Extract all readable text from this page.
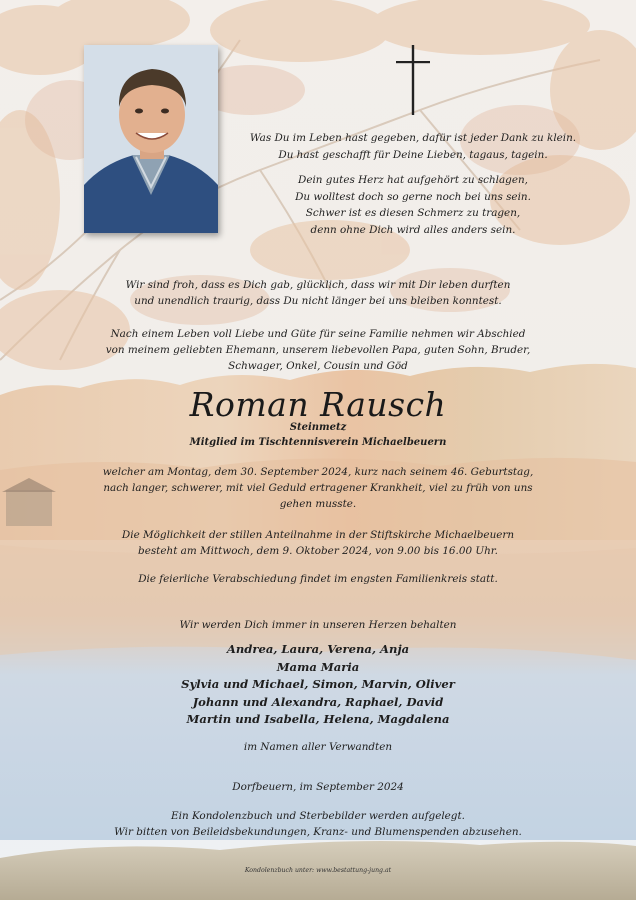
Was Du im Leben hast gegeben, dafür ist jeder Dank zu klein.

Du hast geschafft für Deine Lieben, tagaus, tagein.

Dein gutes Herz hat aufgehört zu schlagen,

Du wolltest doch so gerne noch bei uns sein.

Schwer ist es diesen Schmerz zu tragen,

denn ohne Dich wird alles anders sein.

Wir sind froh, dass es Dich gab, glücklich, dass wir mit Dir leben durften

und unendlich traurig, dass Du nicht länger bei uns bleiben konntest.

Nach einem Leben voll Liebe und Güte für seine Familie nehmen wir Abschied

von meinem geliebten Ehemann, unserem liebevollen Papa, guten Sohn, Bruder,

Schwager, Onkel, Cousin und Göd

Roman Rausch
Steinmetz
Mitglied im Tischtennisverein Michaelbeuern

welcher am Montag, dem 30. September 2024, kurz nach seinem 46. Geburtstag,

nach langer, schwerer, mit viel Geduld ertragener Krankheit, viel zu früh von uns

gehen musste.

Die Möglichkeit der stillen Anteilnahme in der Stiftskirche Michaelbeuern

besteht am Mittwoch, dem 9. Oktober 2024, von 9.00 bis 16.00 Uhr.

Die feierliche Verabschiedung findet im engsten Familienkreis statt.

Wir werden Dich immer in unseren Herzen behalten

Andrea, Laura, Verena, Anja

Mama Maria

Sylvia und Michael, Simon, Marvin, Oliver

Johann und Alexandra, Raphael, David

Martin und Isabella, Helena, Magdalena

im Namen aller Verwandten

Dorfbeuern, im September 2024

Ein Kondolenzbuch und Sterbebilder werden aufgelegt.

Wir bitten von Beileidsbekundungen, Kranz- und Blumenspenden abzusehen.

Kondolenzbuch unter: www.bestattung-jung.at
